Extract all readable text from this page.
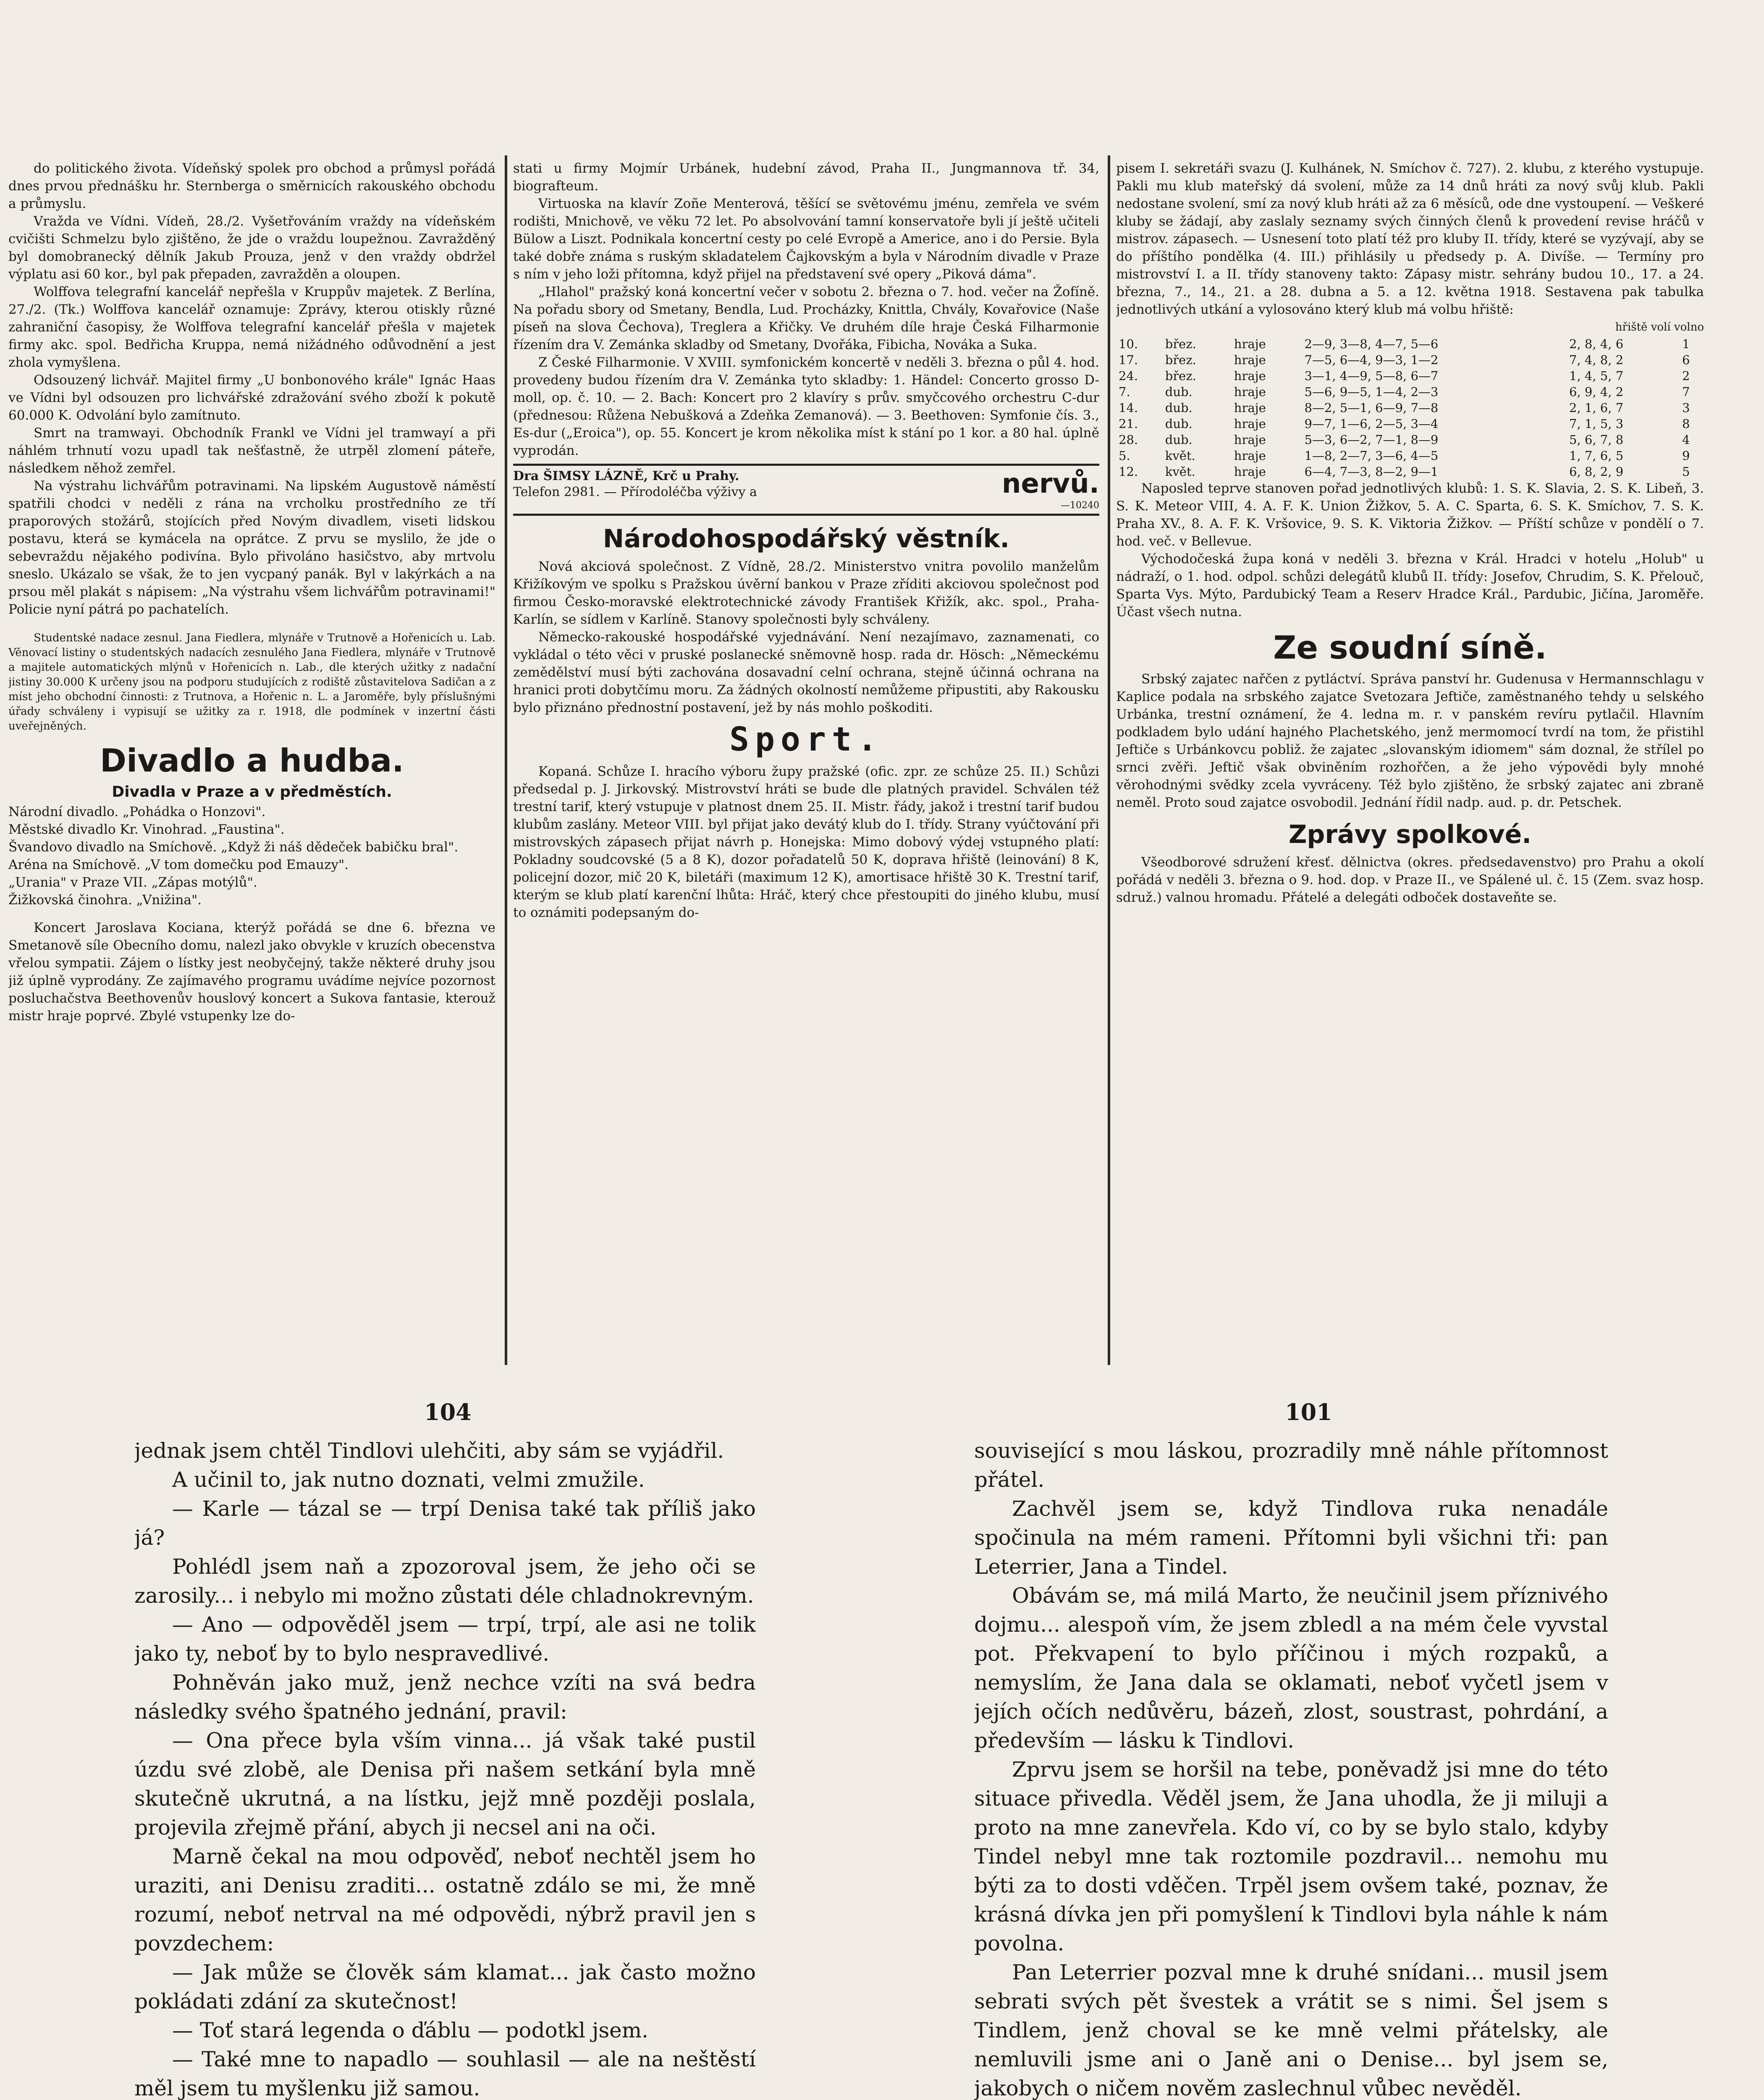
do politického života. Vídeňský spolek pro obchod a průmysl pořádá dnes prvou přednášku hr. Sternberga o směrnicích rakouského obchodu a průmyslu.

Vražda ve Vídni. Vídeň, 28./2. Vyšetřováním vraždy na vídeňském cvičišti Schmelzu bylo zjištěno, že jde o vraždu loupežnou. Zavražděný byl domobranecký dělník Jakub Prouza, jenž v den vraždy obdržel výplatu asi 60 kor., byl pak přepaden, zavražděn a oloupen.

Wolffova telegrafní kancelář nepřešla v Kruppův majetek. Z Berlína, 27./2. (Tk.) Wolffova kancelář oznamuje: Zprávy, kterou otiskly různé zahraniční časopisy, že Wolffova telegrafní kancelář přešla v majetek firmy akc. spol. Bedřicha Kruppa, nemá nižádného odůvodnění a jest zhola vymyšlena.

Odsouzený lichvář. Majitel firmy „U bonbonového krále" Ignác Haas ve Vídni byl odsouzen pro lichvářské zdražování svého zboží k pokutě 60.000 K. Odvolání bylo zamítnuto.

Smrt na tramwayi. Obchodník Frankl ve Vídni jel tramwayí a při náhlém trhnutí vozu upadl tak nešťastně, že utrpěl zlomení páteře, následkem něhož zemřel.

Na výstrahu lichvářům potravinami. Na lipském Augustově náměstí spatřili chodci v neděli z rána na vrcholku prostředního ze tří praporových stožárů, stojících před Novým divadlem, viseti lidskou postavu, která se kymácela na oprátce. Z prvu se myslilo, že jde o sebevraždu nějakého podivína. Bylo přivoláno hasičstvo, aby mrtvolu sneslo. Ukázalo se však, že to jen vycpaný panák. Byl v lakýrkách a na prsou měl plakát s nápisem: „Na výstrahu všem lichvářům potravinami!" Policie nyní pátrá po pachatelích.

Studentské nadace zesnul. Jana Fiedlera, mlynáře v Trutnově a Hořenicích u. Lab. Věnovací listiny o studentských nadacích zesnulého Jana Fiedlera, mlynáře v Trutnově a majitele automatických mlýnů v Hořenicích n. Lab., dle kterých užitky z nadační jistiny 30.000 K určeny jsou na podporu studujících z rodiště zůstavitelova Sadičan a z míst jeho obchodní činnosti: z Trutnova, a Hořenic n. L. a Jaroměře, byly příslušnými úřady schváleny i vypisují se užitky za r. 1918, dle podmínek v inzertní části uveřejněných.

Divadlo a hudba.
Divadla v Praze a v předměstích.

Národní divadlo. „Pohádka o Honzovi".

Městské divadlo Kr. Vinohrad. „Faustina".

Švandovo divadlo na Smíchově. „Když ži náš dědeček babičku bral".

Aréna na Smíchově. „V tom domečku pod Emauzy".

„Urania" v Praze VII. „Zápas motýlů".

Žižkovská činohra. „Vnižina".

Koncert Jaroslava Kociana, kterýž pořádá se dne 6. března ve Smetanově síle Obecního domu, nalezl jako obvykle v kruzích obecenstva vřelou sympatii. Zájem o lístky jest neobyčejný, takže některé druhy jsou již úplně vyprodány. Ze zajímavého programu uvádíme nejvíce pozornost posluchačstva Beethovenův houslový koncert a Sukova fantasie, kterouž mistr hraje poprvé. Zbylé vstupenky lze do-

stati u firmy Mojmír Urbánek, hudební závod, Praha II., Jungmannova tř. 34, biografteum.

Virtuoska na klavír Zoñe Menterová, těšící se světovému jménu, zemřela ve svém rodišti, Mnichově, ve věku 72 let. Po absolvování tamní konservatoře byli jí ještě učiteli Bülow a Liszt. Podnikala koncertní cesty po celé Evropě a Americe, ano i do Persie. Byla také dobře známa s ruským skladatelem Čajkovským a byla v Národním divadle v Praze s ním v jeho loži přítomna, když přijel na představení své opery „Piková dáma".

„Hlahol" pražský koná koncertní večer v sobotu 2. března o 7. hod. večer na Žofíně. Na pořadu sbory od Smetany, Bendla, Lud. Procházky, Knittla, Chvály, Kovařovice (Naše píseň na slova Čechova), Treglera a Křičky. Ve druhém díle hraje Česká Filharmonie řízením dra V. Zemánka skladby od Smetany, Dvořáka, Fibicha, Nováka a Suka.

Z České Filharmonie. V XVIII. symfonickém koncertě v neděli 3. března o půl 4. hod. provedeny budou řízením dra V. Zemánka tyto skladby: 1. Händel: Concerto grosso D-moll, op. č. 10. — 2. Bach: Koncert pro 2 klavíry s prův. smyčcového orchestru C-dur (přednesou: Růžena Nebušková a Zdeňka Zemanová). — 3. Beethoven: Symfonie čís. 3., Es-dur („Eroica"), op. 55. Koncert je krom několika míst k stání po 1 kor. a 80 hal. úplně vyprodán.

nervů.
Dra ŠIMSY LÁZNĚ, Krč u Prahy.
Telefon 2981. — Přírodoléčba výživy a
—10240
Národohospodářský věstník.

Nová akciová společnost. Z Vídně, 28./2. Ministerstvo vnitra povolilo manželům Křižíkovým ve spolku s Pražskou úvěrní bankou v Praze zříditi akciovou společnost pod firmou Česko-moravské elektrotechnické závody František Křižík, akc. spol., Praha-Karlín, se sídlem v Karlíně. Stanovy společnosti byly schváleny.

Německo-rakouské hospodářské vyjednávání. Není nezajímavo, zaznamenati, co vykládal o této věci v pruské poslanecké sněmovně hosp. rada dr. Hösch: „Německému zemědělství musí býti zachována dosavadní celní ochrana, stejně účinná ochrana na hranici proti dobytčímu moru. Za žádných okolností nemůžeme připustiti, aby Rakousku bylo přiznáno přednostní postavení, jež by nás mohlo poškoditi.

Sport.

Kopaná. Schůze I. hracího výboru župy pražské (ofic. zpr. ze schůze 25. II.) Schůzi předsedal p. J. Jirkovský. Mistrovství hráti se bude dle platných pravidel. Schválen též trestní tarif, který vstupuje v platnost dnem 25. II. Mistr. řády, jakož i trestní tarif budou klubům zaslány. Meteor VIII. byl přijat jako devátý klub do I. třídy. Strany vyúčtování při mistrovských zápasech přijat návrh p. Honejska: Mimo dobový výdej vstupného platí: Pokladny soudcovské (5 a 8 K), dozor pořadatelů 50 K, doprava hřiště (leinování) 8 K, policejní dozor, mič 20 K, biletáři (maximum 12 K), amortisace hřiště 30 K. Trestní tarif, kterým se klub platí karenční lhůta: Hráč, který chce přestoupiti do jiného klubu, musí to oznámiti podepsaným do-

pisem I. sekretáři svazu (J. Kulhánek, N. Smíchov č. 727). 2. klubu, z kterého vystupuje. Pakli mu klub mateřský dá svolení, může za 14 dnů hráti za nový svůj klub. Pakli nedostane svolení, smí za nový klub hráti až za 6 měsíců, ode dne vystoupení. — Veškeré kluby se žádají, aby zaslaly seznamy svých činných členů k provedení revise hráčů v mistrov. zápasech. — Usnesení toto platí též pro kluby II. třídy, které se vyzývají, aby se do příštího pondělka (4. III.) přihlásily u předsedy p. A. Divíše. — Termíny pro mistrovství I. a II. třídy stanoveny takto: Zápasy mistr. sehrány budou 10., 17. a 24. března, 7., 14., 21. a 28. dubna a 5. a 12. května 1918. Sestavena pak tabulka jednotlivých utkání a vylosováno který klub má volbu hřiště:

hřiště volí volno
10.	břez.	hraje	2—9, 3—8, 4—7, 5—6	2, 8, 4, 6	1
17.	břez.	hraje	7—5, 6—4, 9—3, 1—2	7, 4, 8, 2	6
24.	břez.	hraje	3—1, 4—9, 5—8, 6—7	1, 4, 5, 7	2
7.	dub.	hraje	5—6, 9—5, 1—4, 2—3	6, 9, 4, 2	7
14.	dub.	hraje	8—2, 5—1, 6—9, 7—8	2, 1, 6, 7	3
21.	dub.	hraje	9—7, 1—6, 2—5, 3—4	7, 1, 5, 3	8
28.	dub.	hraje	5—3, 6—2, 7—1, 8—9	5, 6, 7, 8	4
5.	květ.	hraje	1—8, 2—7, 3—6, 4—5	1, 7, 6, 5	9
12.	květ.	hraje	6—4, 7—3, 8—2, 9—1	6, 8, 2, 9	5

Naposled teprve stanoven pořad jednotlivých klubů: 1. S. K. Slavia, 2. S. K. Libeň, 3. S. K. Meteor VIII, 4. A. F. K. Union Žižkov, 5. A. C. Sparta, 6. S. K. Smíchov, 7. S. K. Praha XV., 8. A. F. K. Vršovice, 9. S. K. Viktoria Žižkov. — Příští schůze v pondělí o 7. hod. več. v Bellevue.

Východočeská župa koná v neděli 3. března v Král. Hradci v hotelu „Holub" u nádraží, o 1. hod. odpol. schůzi delegátů klubů II. třídy: Josefov, Chrudim, S. K. Přelouč, Sparta Vys. Mýto, Pardubický Team a Reserv Hradce Král., Pardubic, Jičína, Jaroměře. Účast všech nutna.

Ze soudní síně.

Srbský zajatec nařčen z pytláctví. Správa panství hr. Gudenusa v Hermannschlagu v Kaplice podala na srbského zajatce Svetozara Jeftiče, zaměstnaného tehdy u selského Urbánka, trestní oznámení, že 4. ledna m. r. v panském revíru pytlačil. Hlavním podkladem bylo udání hajného Plachetského, jenž mermomocí tvrdí na tom, že přistihl Jeftiče s Urbánkovcu pobliž. že zajatec „slovanským idiomem" sám doznal, že střílel po srnci zvěři. Jeftič však obviněním rozhořčen, a že jeho výpovědi byly mnohé věrohodnými svědky zcela vyvráceny. Též bylo zjištěno, že srbský zajatec ani zbraně neměl. Proto soud zajatce osvobodil. Jednání řídil nadp. aud. p. dr. Petschek.

Zprávy spolkové.

Všeodborové sdružení křesť. dělnictva (okres. předsedavenstvo) pro Prahu a okolí pořádá v neděli 3. března o 9. hod. dop. v Praze II., ve Spálené ul. č. 15 (Zem. svaz hosp. sdruž.) valnou hromadu. Přátelé a delegáti odboček dostaveňte se.

104	101

jednak jsem chtěl Tindlovi ulehčiti, aby sám se vyjádřil.

A učinil to, jak nutno doznati, velmi zmužile.

— Karle — tázal se — trpí Denisa také tak příliš jako já?

Pohlédl jsem naň a zpozoroval jsem, že jeho oči se zarosily... i nebylo mi možno zůstati déle chladnokrevným.

— Ano — odpověděl jsem — trpí, trpí, ale asi ne tolik jako ty, neboť by to bylo nespravedlivé.

Pohněván jako muž, jenž nechce vzíti na svá bedra následky svého špatného jednání, pravil:

— Ona přece byla vším vinna... já však také pustil úzdu své zlobě, ale Denisa při našem setkání byla mně skutečně ukrutná, a na lístku, jejž mně později poslala, projevila zřejmě přání, abych ji necsel ani na oči.

Marně čekal na mou odpověď, neboť nechtěl jsem ho uraziti, ani Denisu zraditi... ostatně zdálo se mi, že mně rozumí, neboť netrval na mé odpovědi, nýbrž pravil jen s povzdechem:

— Jak může se člověk sám klamat... jak často možno pokládati zdání za skutečnost!

— Toť stará legenda o ďáblu — podotkl jsem.

— Také mne to napadlo — souhlasil — ale na neštěstí měl jsem tu myšlenku již samou.

související s mou láskou, prozradily mně náhle přítomnost přátel.

Zachvěl jsem se, když Tindlova ruka nenadále spočinula na mém rameni. Přítomni byli všichni tři: pan Leterrier, Jana a Tindel.

Obávám se, má milá Marto, že neučinil jsem příznivého dojmu... alespoň vím, že jsem zbledl a na mém čele vyvstal pot. Překvapení to bylo příčinou i mých rozpaků, a nemyslím, že Jana dala se oklamati, neboť vyčetl jsem v jejích očích nedůvěru, bázeň, zlost, soustrast, pohrdání, a především — lásku k Tindlovi.

Zprvu jsem se horšil na tebe, poněvadž jsi mne do této situace přivedla. Věděl jsem, že Jana uhodla, že ji miluji a proto na mne zanevřela. Kdo ví, co by se bylo stalo, kdyby Tindel nebyl mne tak roztomile pozdravil... nemohu mu býti za to dosti vděčen. Trpěl jsem ovšem také, poznav, že krásná dívka jen při pomyšlení k Tindlovi byla náhle k nám povolna.

Pan Leterrier pozval mne k druhé snídani... musil jsem sebrati svých pět švestek a vrátit se s nimi. Šel jsem s Tindlem, jenž choval se ke mně velmi přátelsky, ale nemluvili jsme ani o Janě ani o Denise... byl jsem se, jakobych o ničem nověm zaslechnul vůbec nevěděl.
